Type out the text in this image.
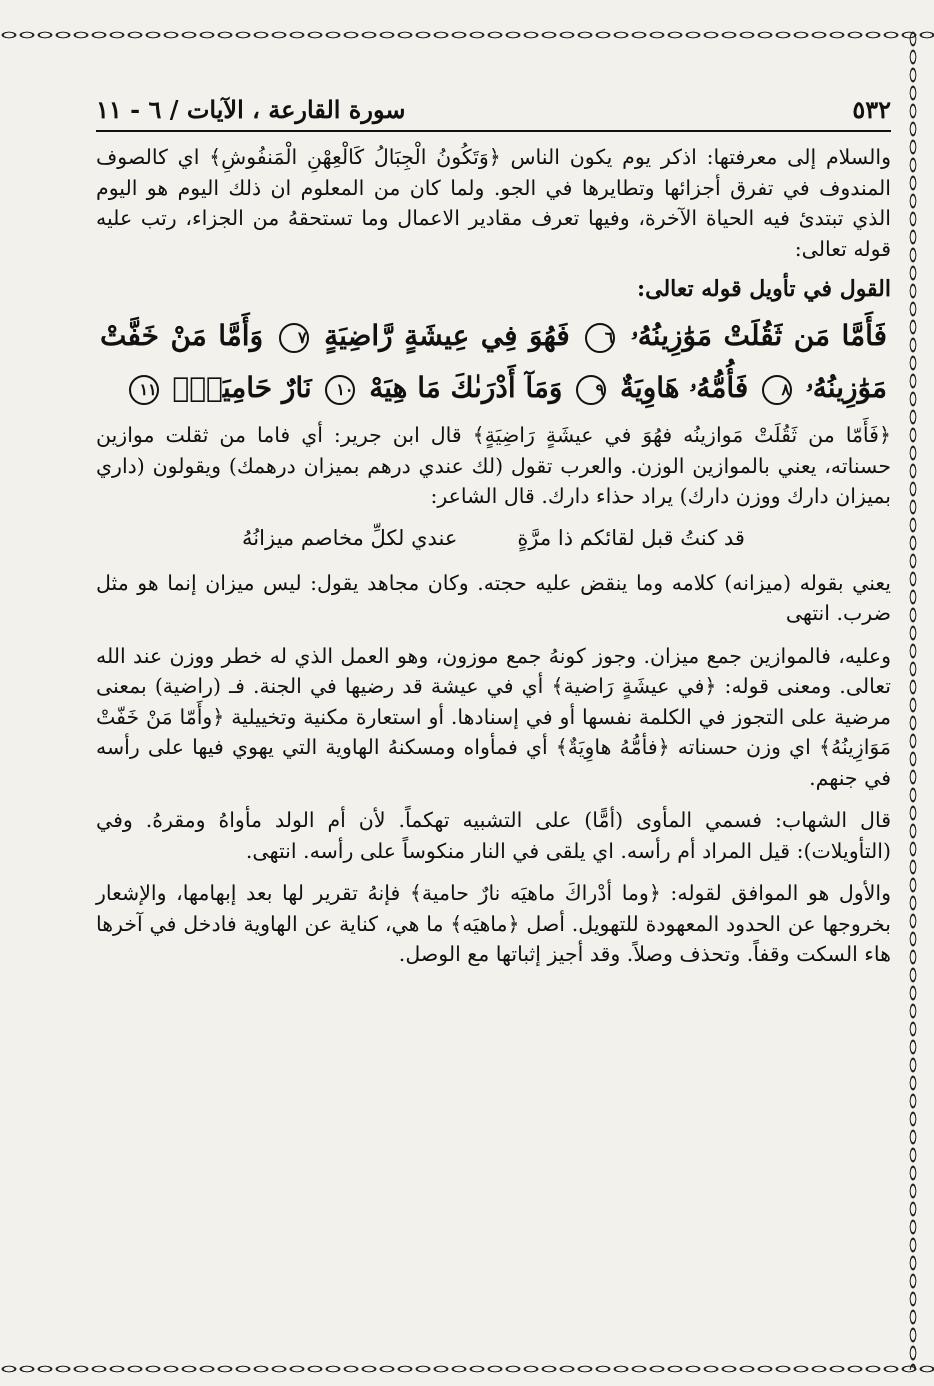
٥٣٢
سورة القارعة ، الآيات / ٦ - ١١

والسلام إلى معرفتها: اذكر يوم يكون الناس ﴿وَتَكُونُ الْجِبَالُ كَالْعِهْنِ الْمَنفُوشِ﴾ اي كالصوف المندوف في تفرق أجزائها وتطايرها في الجو. ولما كان من المعلوم ان ذلك اليوم هو اليوم الذي تبتدئ فيه الحياة الآخرة، وفيها تعرف مقادير الاعمال وما تستحقهُ من الجزاء، رتب عليه قوله تعالى:

القول في تأويل قوله تعالى:
فَأَمَّا مَن ثَقُلَتْ مَوَٰزِينُهُۥ ٦ فَهُوَ فِي عِيشَةٍ رَّاضِيَةٍ ٧ وَأَمَّا مَنْ خَفَّتْ مَوَٰزِينُهُۥ ٨ فَأُمُّهُۥ هَاوِيَةٌ ٩ وَمَآ أَدْرَىٰكَ مَا هِيَهْ ١٠ نَارٌ حَامِيَةٌۢ ١١

﴿فَأَمّا من ثَقُلَتْ مَوازينُه فهُوَ في عيشَةٍ رَاضِيَةٍ﴾ قال ابن جرير: أي فاما من ثقلت موازين حسناته، يعني بالموازين الوزن. والعرب تقول (لك عندي درهم بميزان درهمك) ويقولون (داري بميزان دارك ووزن دارك) يراد حذاء دارك. قال الشاعر:

قد كنتُ قبل لقائكم ذا مرَّةٍ
عندي لكلِّ مخاصم ميزانُهُ

يعني بقوله (ميزانه) كلامه وما ينقض عليه حجته. وكان مجاهد يقول: ليس ميزان إنما هو مثل ضرب. انتهى

وعليه، فالموازين جمع ميزان. وجوز كونهُ جمع موزون، وهو العمل الذي له خطر ووزن عند الله تعالى. ومعنى قوله: ﴿في عيشَةٍ رَاضية﴾ أي في عيشة قد رضيها في الجنة. فـ (راضية) بمعنى مرضية على التجوز في الكلمة نفسها أو في إسنادها. أو استعارة مكنية وتخييلية ﴿وأَمّا مَنْ خَفّتْ مَوَازِينُهُ﴾ اي وزن حسناته ﴿فأمُّهُ هاوِيَةٌ﴾ أي فمأواه ومسكنهُ الهاوية التي يهوي فيها على رأسه في جنهم.

قال الشهاب: فسمي المأوى (أمًّا) على التشبيه تهكماً. لأن أم الولد مأواهُ ومقرهُ. وفي (التأويلات): قيل المراد أم رأسه. اي يلقى في النار منكوساً على رأسه. انتهى.

والأول هو الموافق لقوله: ﴿وما أدْراكَ ماهيَه نارٌ حامية﴾ فإنهُ تقرير لها بعد إبهامها، والإشعار بخروجها عن الحدود المعهودة للتهويل. أصل ﴿ماهيَه﴾ ما هي، كناية عن الهاوية فادخل في آخرها هاء السكت وقفاً. وتحذف وصلاً. وقد أجيز إثباتها مع الوصل.
